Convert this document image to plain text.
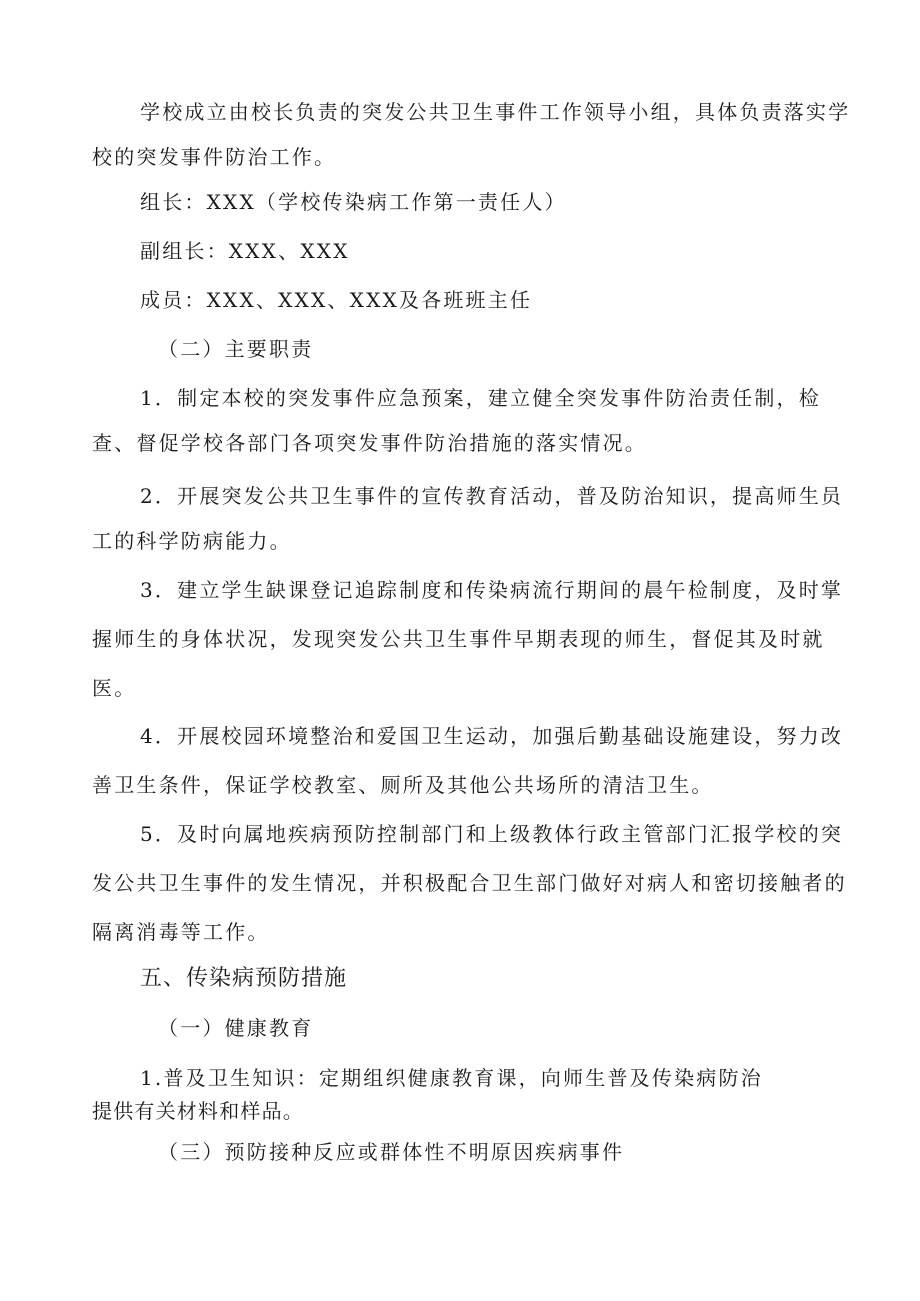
学校成立由校长负责的突发公共卫生事件工作领导小组，具体负责落实学
校的突发事件防治工作。
组长：XXX（学校传染病工作第一责任人）
副组长：XXX、XXX
成员：XXX、XXX、XXX及各班班主任
（二）主要职责
1．制定本校的突发事件应急预案，建立健全突发事件防治责任制，检
查、督促学校各部门各项突发事件防治措施的落实情况。
2．开展突发公共卫生事件的宣传教育活动，普及防治知识，提高师生员
工的科学防病能力。
3．建立学生缺课登记追踪制度和传染病流行期间的晨午检制度，及时掌
握师生的身体状况，发现突发公共卫生事件早期表现的师生，督促其及时就
医。
4．开展校园环境整治和爱国卫生运动，加强后勤基础设施建设，努力改
善卫生条件，保证学校教室、厕所及其他公共场所的清洁卫生。
5．及时向属地疾病预防控制部门和上级教体行政主管部门汇报学校的突
发公共卫生事件的发生情况，并积极配合卫生部门做好对病人和密切接触者的
隔离消毒等工作。
五、传染病预防措施
（一）健康教育
1.普及卫生知识：定期组织健康教育课，向师生普及传染病防治
提供有关材料和样品。
（三）预防接种反应或群体性不明原因疾病事件
